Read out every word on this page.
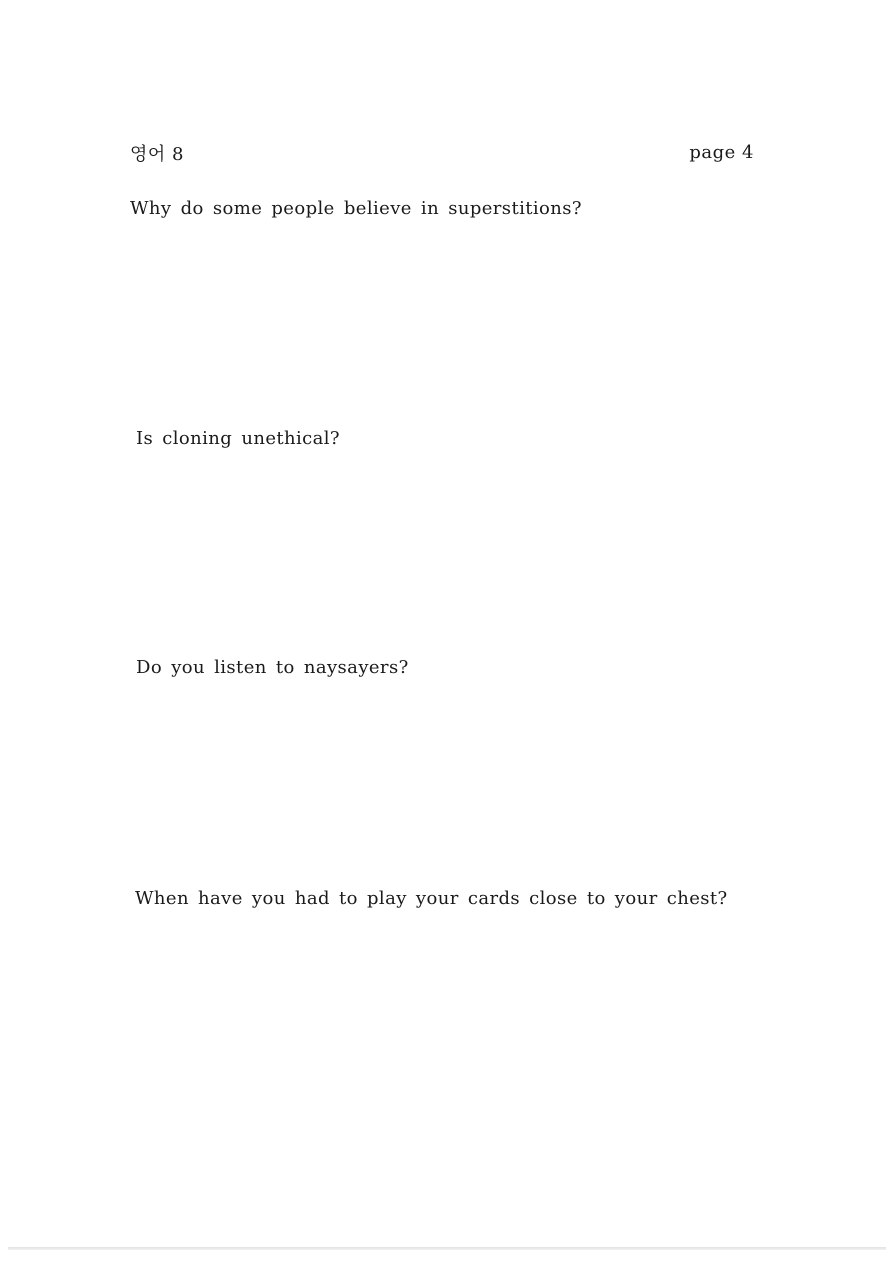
영어 8	page 4
Why do some people believe in superstitions?
Is cloning unethical?
Do you listen to naysayers?
When have you had to play your cards close to your chest?
